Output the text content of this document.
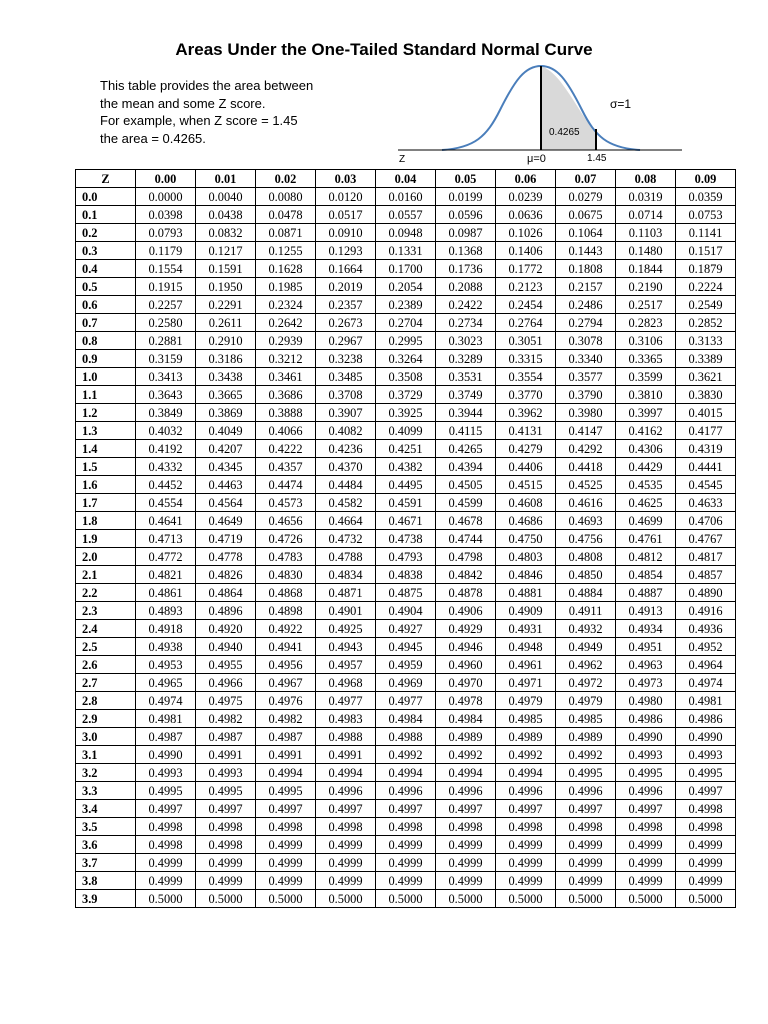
Areas Under the One-Tailed Standard Normal Curve
This table provides the area between
the mean and some Z score.
For example, when Z score = 1.45
the area = 0.4265.
σ=1
0.4265
Z	μ=0	1.45
Z	0.00	0.01	0.02	0.03	0.04	0.05	0.06	0.07	0.08	0.09
0.0	0.0000	0.0040	0.0080	0.0120	0.0160	0.0199	0.0239	0.0279	0.0319	0.0359
0.1	0.0398	0.0438	0.0478	0.0517	0.0557	0.0596	0.0636	0.0675	0.0714	0.0753
0.2	0.0793	0.0832	0.0871	0.0910	0.0948	0.0987	0.1026	0.1064	0.1103	0.1141
0.3	0.1179	0.1217	0.1255	0.1293	0.1331	0.1368	0.1406	0.1443	0.1480	0.1517
0.4	0.1554	0.1591	0.1628	0.1664	0.1700	0.1736	0.1772	0.1808	0.1844	0.1879
0.5	0.1915	0.1950	0.1985	0.2019	0.2054	0.2088	0.2123	0.2157	0.2190	0.2224
0.6	0.2257	0.2291	0.2324	0.2357	0.2389	0.2422	0.2454	0.2486	0.2517	0.2549
0.7	0.2580	0.2611	0.2642	0.2673	0.2704	0.2734	0.2764	0.2794	0.2823	0.2852
0.8	0.2881	0.2910	0.2939	0.2967	0.2995	0.3023	0.3051	0.3078	0.3106	0.3133
0.9	0.3159	0.3186	0.3212	0.3238	0.3264	0.3289	0.3315	0.3340	0.3365	0.3389
1.0	0.3413	0.3438	0.3461	0.3485	0.3508	0.3531	0.3554	0.3577	0.3599	0.3621
1.1	0.3643	0.3665	0.3686	0.3708	0.3729	0.3749	0.3770	0.3790	0.3810	0.3830
1.2	0.3849	0.3869	0.3888	0.3907	0.3925	0.3944	0.3962	0.3980	0.3997	0.4015
1.3	0.4032	0.4049	0.4066	0.4082	0.4099	0.4115	0.4131	0.4147	0.4162	0.4177
1.4	0.4192	0.4207	0.4222	0.4236	0.4251	0.4265	0.4279	0.4292	0.4306	0.4319
1.5	0.4332	0.4345	0.4357	0.4370	0.4382	0.4394	0.4406	0.4418	0.4429	0.4441
1.6	0.4452	0.4463	0.4474	0.4484	0.4495	0.4505	0.4515	0.4525	0.4535	0.4545
1.7	0.4554	0.4564	0.4573	0.4582	0.4591	0.4599	0.4608	0.4616	0.4625	0.4633
1.8	0.4641	0.4649	0.4656	0.4664	0.4671	0.4678	0.4686	0.4693	0.4699	0.4706
1.9	0.4713	0.4719	0.4726	0.4732	0.4738	0.4744	0.4750	0.4756	0.4761	0.4767
2.0	0.4772	0.4778	0.4783	0.4788	0.4793	0.4798	0.4803	0.4808	0.4812	0.4817
2.1	0.4821	0.4826	0.4830	0.4834	0.4838	0.4842	0.4846	0.4850	0.4854	0.4857
2.2	0.4861	0.4864	0.4868	0.4871	0.4875	0.4878	0.4881	0.4884	0.4887	0.4890
2.3	0.4893	0.4896	0.4898	0.4901	0.4904	0.4906	0.4909	0.4911	0.4913	0.4916
2.4	0.4918	0.4920	0.4922	0.4925	0.4927	0.4929	0.4931	0.4932	0.4934	0.4936
2.5	0.4938	0.4940	0.4941	0.4943	0.4945	0.4946	0.4948	0.4949	0.4951	0.4952
2.6	0.4953	0.4955	0.4956	0.4957	0.4959	0.4960	0.4961	0.4962	0.4963	0.4964
2.7	0.4965	0.4966	0.4967	0.4968	0.4969	0.4970	0.4971	0.4972	0.4973	0.4974
2.8	0.4974	0.4975	0.4976	0.4977	0.4977	0.4978	0.4979	0.4979	0.4980	0.4981
2.9	0.4981	0.4982	0.4982	0.4983	0.4984	0.4984	0.4985	0.4985	0.4986	0.4986
3.0	0.4987	0.4987	0.4987	0.4988	0.4988	0.4989	0.4989	0.4989	0.4990	0.4990
3.1	0.4990	0.4991	0.4991	0.4991	0.4992	0.4992	0.4992	0.4992	0.4993	0.4993
3.2	0.4993	0.4993	0.4994	0.4994	0.4994	0.4994	0.4994	0.4995	0.4995	0.4995
3.3	0.4995	0.4995	0.4995	0.4996	0.4996	0.4996	0.4996	0.4996	0.4996	0.4997
3.4	0.4997	0.4997	0.4997	0.4997	0.4997	0.4997	0.4997	0.4997	0.4997	0.4998
3.5	0.4998	0.4998	0.4998	0.4998	0.4998	0.4998	0.4998	0.4998	0.4998	0.4998
3.6	0.4998	0.4998	0.4999	0.4999	0.4999	0.4999	0.4999	0.4999	0.4999	0.4999
3.7	0.4999	0.4999	0.4999	0.4999	0.4999	0.4999	0.4999	0.4999	0.4999	0.4999
3.8	0.4999	0.4999	0.4999	0.4999	0.4999	0.4999	0.4999	0.4999	0.4999	0.4999
3.9	0.5000	0.5000	0.5000	0.5000	0.5000	0.5000	0.5000	0.5000	0.5000	0.5000
